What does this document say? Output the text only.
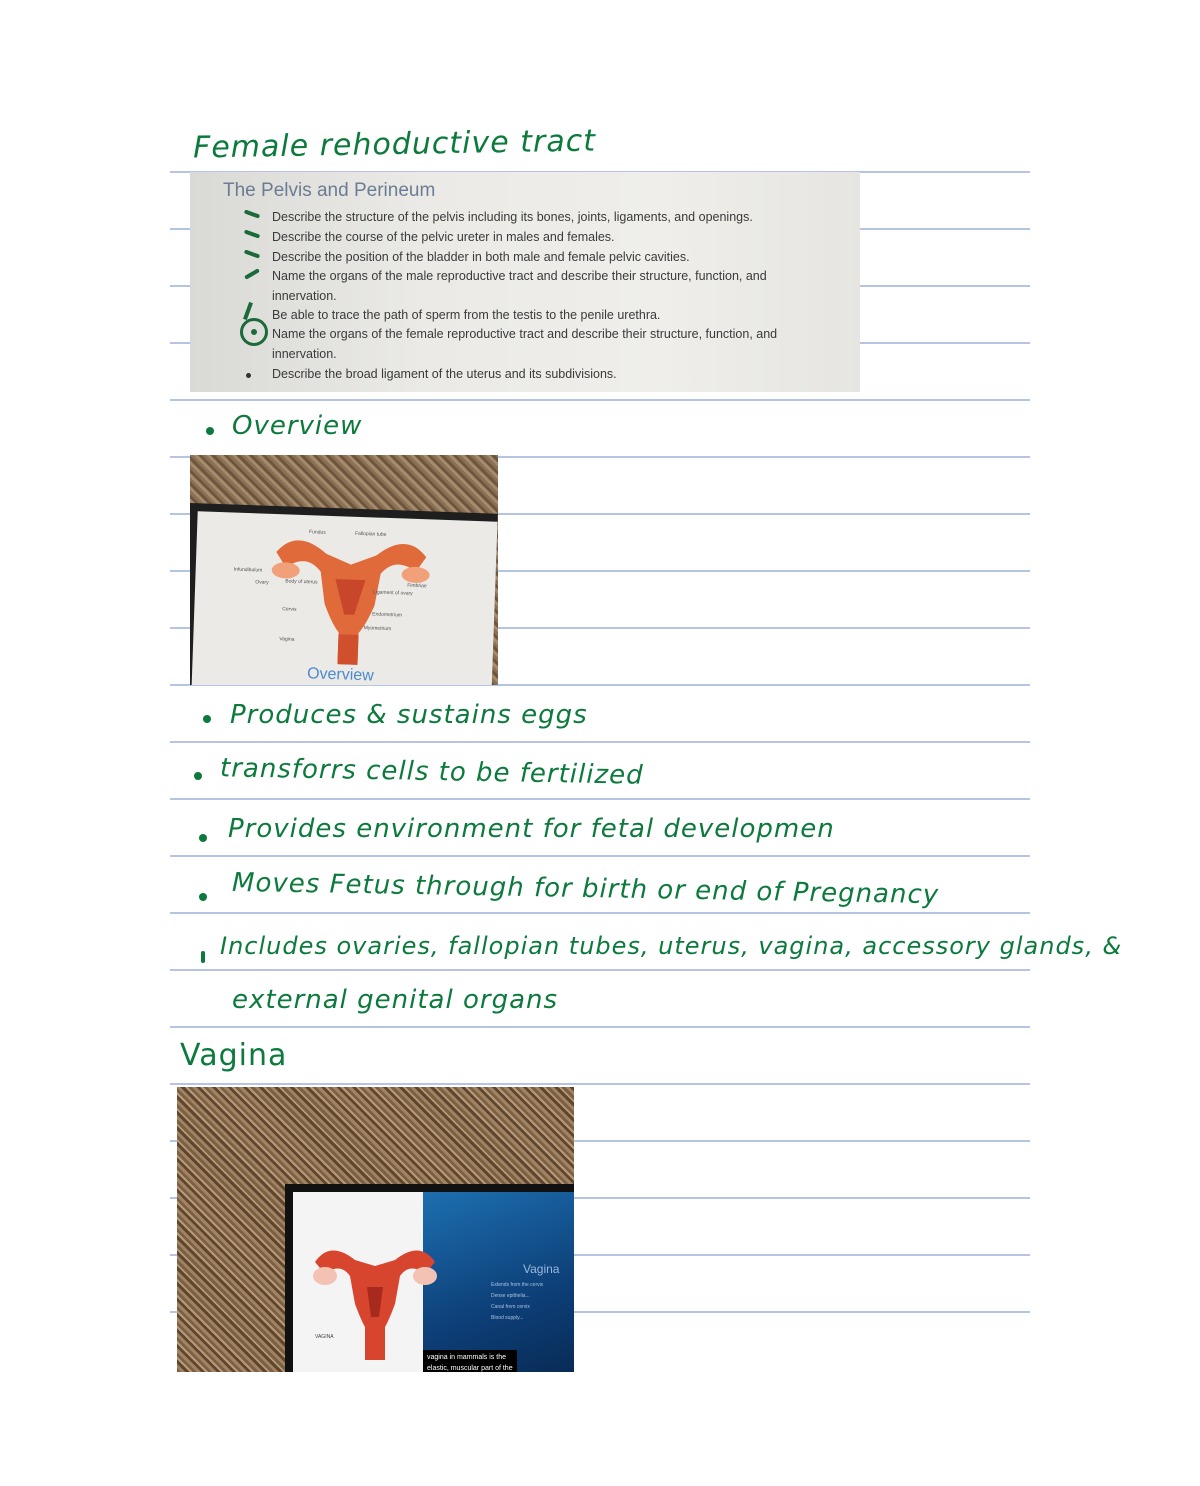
Female rehoductive tract
The Pelvis and Perineum
Describe the structure of the pelvis including its bones, joints, ligaments, and openings.
Describe the course of the pelvic ureter in males and females.
Describe the position of the bladder in both male and female pelvic cavities.
Name the organs of the male reproductive tract and describe their structure, function, and
innervation.
Be able to trace the path of sperm from the testis to the penile urethra.
Name the organs of the female reproductive tract and describe their structure, function, and
innervation.
Describe the broad ligament of the uterus and its subdivisions.
Overview
Fundus	Fallopian tube
Infundibulum
Ovary	Body of uterus
Ligament of ovary
Fimbriae
Cervix
Endometrium
Myometrium
Vagina
Overview
Produces & sustains eggs
transforrs cells to be fertilized
Provides environment for fetal developmen
Moves Fetus through for birth or end of Pregnancy
Includes ovaries, fallopian tubes, uterus, vagina, accessory glands, &
external genital organs
Vagina
VAGINA
Vagina
Extends from the cervix
Dense epithelia...
Canal from cervix
Blood supply...
vagina in mammals is the
elastic, muscular part of the
